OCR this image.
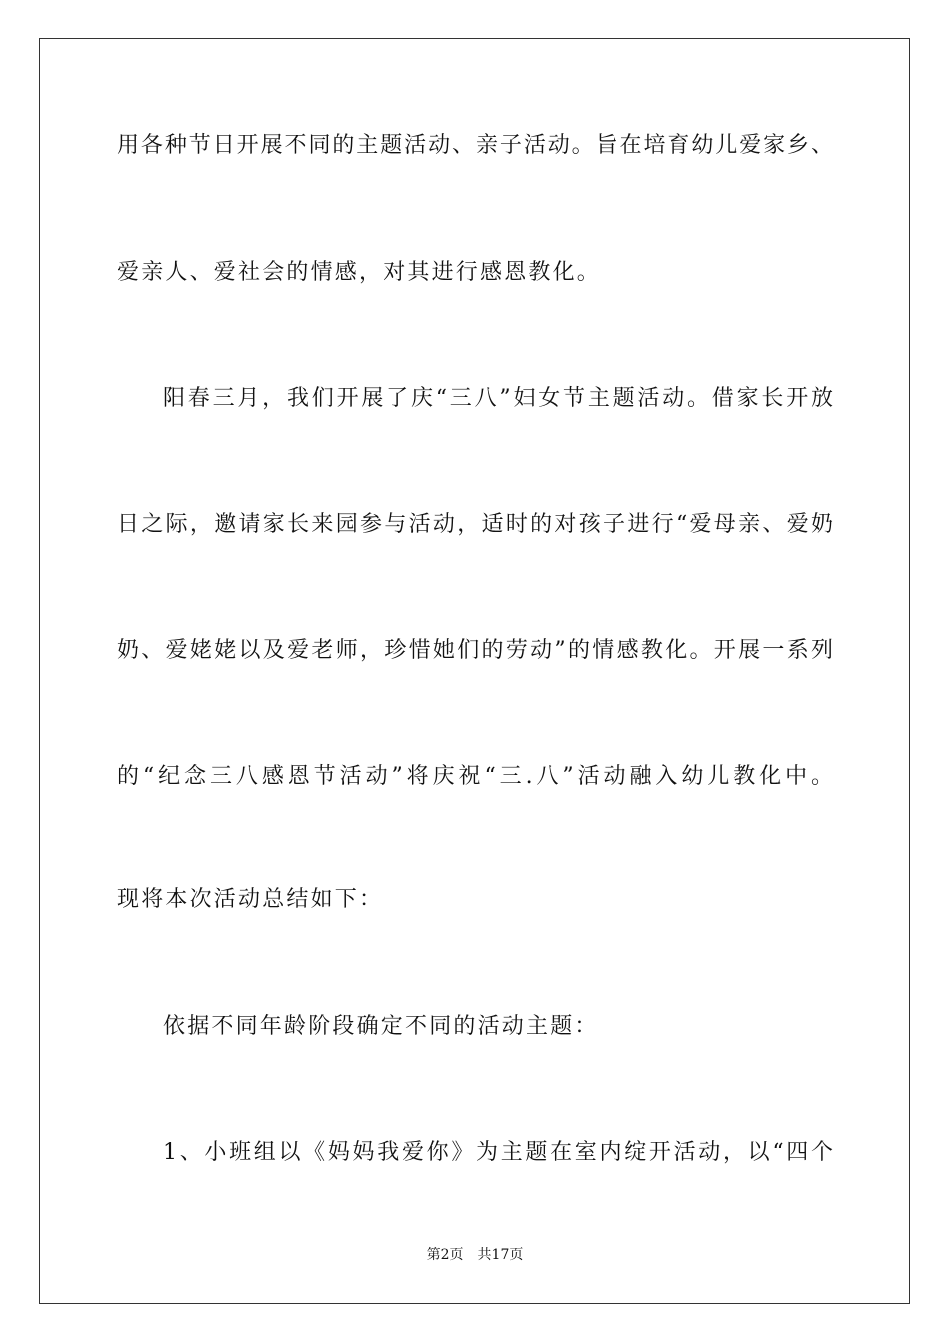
用各种节日开展不同的主题活动、亲子活动。旨在培育幼儿爱家乡、
爱亲人、爱社会的情感，对其进行感恩教化。
阳春三月，我们开展了庆“三八”妇女节主题活动。借家长开放
日之际，邀请家长来园参与活动，适时的对孩子进行“爱母亲、爱奶
奶、爱姥姥以及爱老师，珍惜她们的劳动”的情感教化。开展一系列
的“纪念三八感恩节活动”将庆祝“三.八”活动融入幼儿教化中。
现将本次活动总结如下：
依据不同年龄阶段确定不同的活动主题：
1、小班组以《妈妈我爱你》为主题在室内绽开活动，以“四个
第2页 共17页
